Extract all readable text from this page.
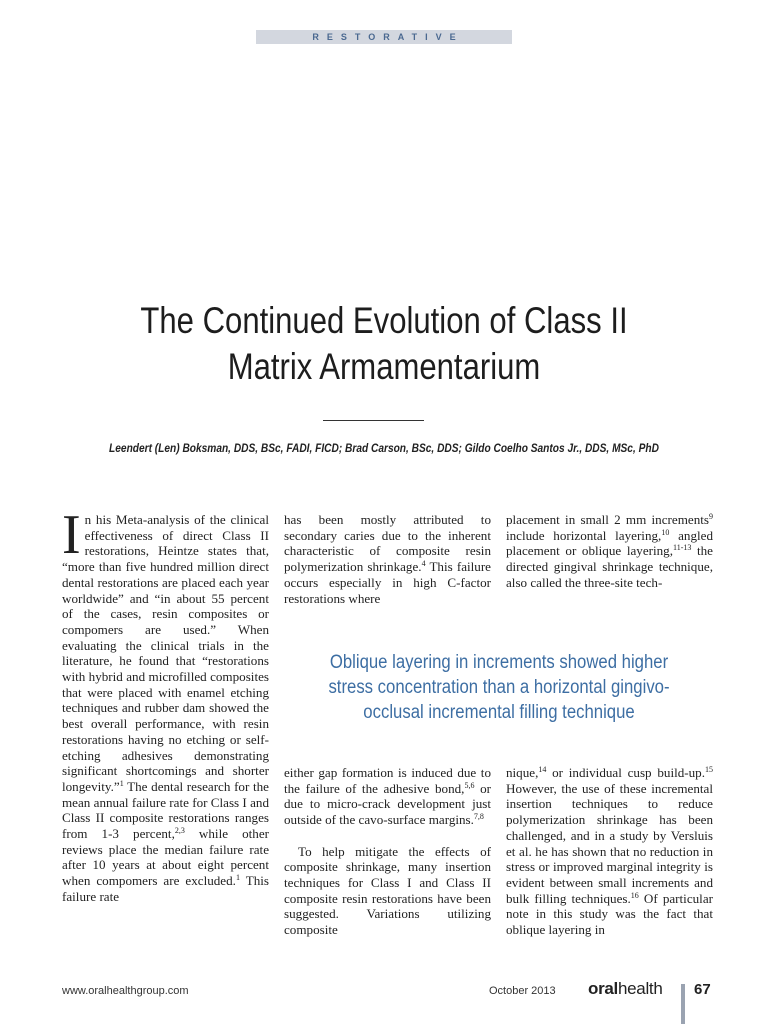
RESTORATIVE
The Continued Evolution of Class II
Matrix Armamentarium
Leendert (Len) Boksman, DDS, BSc, FADI, FICD; Brad Carson, BSc, DDS; Gildo Coelho Santos Jr., DDS, MSc, PhD

In his Meta-analysis of the clinical effectiveness of direct Class II restorations, Heintze states that, “more than five hundred million direct dental restorations are placed each year worldwide” and “in about 55 percent of the cases, resin composites or compomers are used.” When evaluating the clinical trials in the literature, he found that “restorations with hybrid and microfilled composites that were placed with enamel etching techniques and rubber dam showed the best overall performance, with resin restorations having no etching or self-etching adhesives demonstrating significant shortcomings and shorter longevity.”$^1$ The dental research for the mean annual failure rate for Class I and Class II composite restorations ranges from 1-3 percent,$^{2,3}$ while other reviews place the median failure rate after 10 years at about eight percent when compomers are excluded.$^1$ This failure rate

has been mostly attributed to secondary caries due to the inherent characteristic of composite resin polymerization shrinkage.$^4$ This failure occurs especially in high C-factor restorations where

placement in small 2 mm increments$^9$ include horizontal layering,$^{10}$ angled placement or oblique layering,$^{11-13}$ the directed gingival shrinkage technique, also called the three-site tech-

Oblique layering in increments showed higher stress concentration than a horizontal gingivo-occlusal incremental filling technique

either gap formation is induced due to the failure of the adhesive bond,$^{5,6}$ or due to micro-crack development just outside of the cavo-surface margins.$^{7,8}$

To help mitigate the effects of composite shrinkage, many insertion techniques for Class I and Class II composite resin restorations have been suggested. Variations utilizing composite

nique,$^{14}$ or individual cusp build-up.$^{15}$ However, the use of these incremental insertion techniques to reduce polymerization shrinkage has been challenged, and in a study by Versluis et al. he has shown that no reduction in stress or improved marginal integrity is evident between small increments and bulk filling techniques.$^{16}$ Of particular note in this study was the fact that oblique layering in

www.oralhealthgroup.com	October 2013 oralhealth 67
